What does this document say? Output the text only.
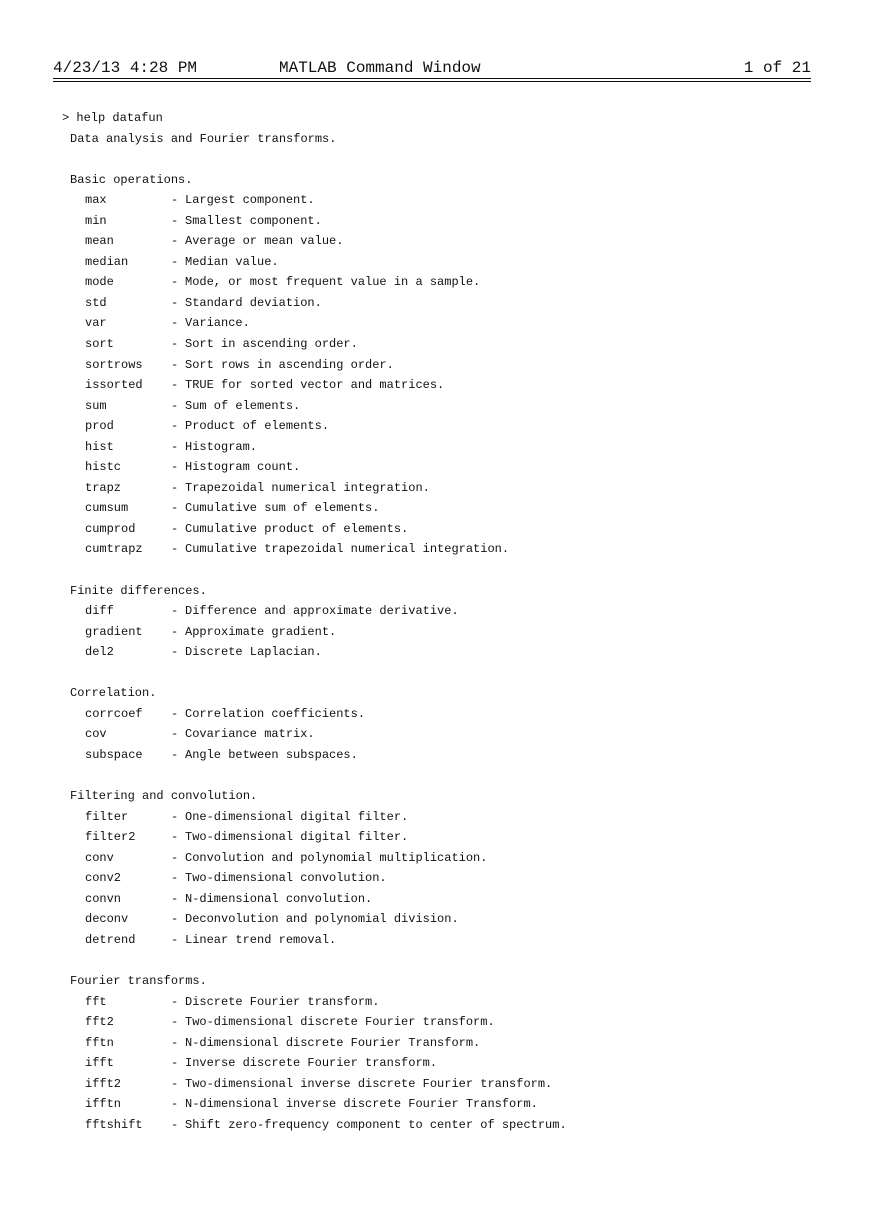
4/23/13 4:28 PM	MATLAB Command Window	1 of 21
> help datafun
Data analysis and Fourier transforms.
Basic operations.
max	- Largest component.
min	- Smallest component.
mean	- Average or mean value.
median	- Median value.
mode	- Mode, or most frequent value in a sample.
std	- Standard deviation.
var	- Variance.
sort	- Sort in ascending order.
sortrows - Sort rows in ascending order.
issorted - TRUE for sorted vector and matrices.
sum	- Sum of elements.
prod	- Product of elements.
hist	- Histogram.
histc	- Histogram count.
trapz	- Trapezoidal numerical integration.
cumsum	- Cumulative sum of elements.
cumprod	- Cumulative product of elements.
cumtrapz - Cumulative trapezoidal numerical integration.
Finite differences.
diff	- Difference and approximate derivative.
gradient - Approximate gradient.
del2	- Discrete Laplacian.
Correlation.
corrcoef - Correlation coefficients.
cov	- Covariance matrix.
subspace - Angle between subspaces.
Filtering and convolution.
filter	- One-dimensional digital filter.
filter2	- Two-dimensional digital filter.
conv	- Convolution and polynomial multiplication.
conv2	- Two-dimensional convolution.
convn	- N-dimensional convolution.
deconv	- Deconvolution and polynomial division.
detrend	- Linear trend removal.
Fourier transforms.
fft	- Discrete Fourier transform.
fft2	- Two-dimensional discrete Fourier transform.
fftn	- N-dimensional discrete Fourier Transform.
ifft	- Inverse discrete Fourier transform.
ifft2	- Two-dimensional inverse discrete Fourier transform.
ifftn	- N-dimensional inverse discrete Fourier Transform.
fftshift - Shift zero-frequency component to center of spectrum.
